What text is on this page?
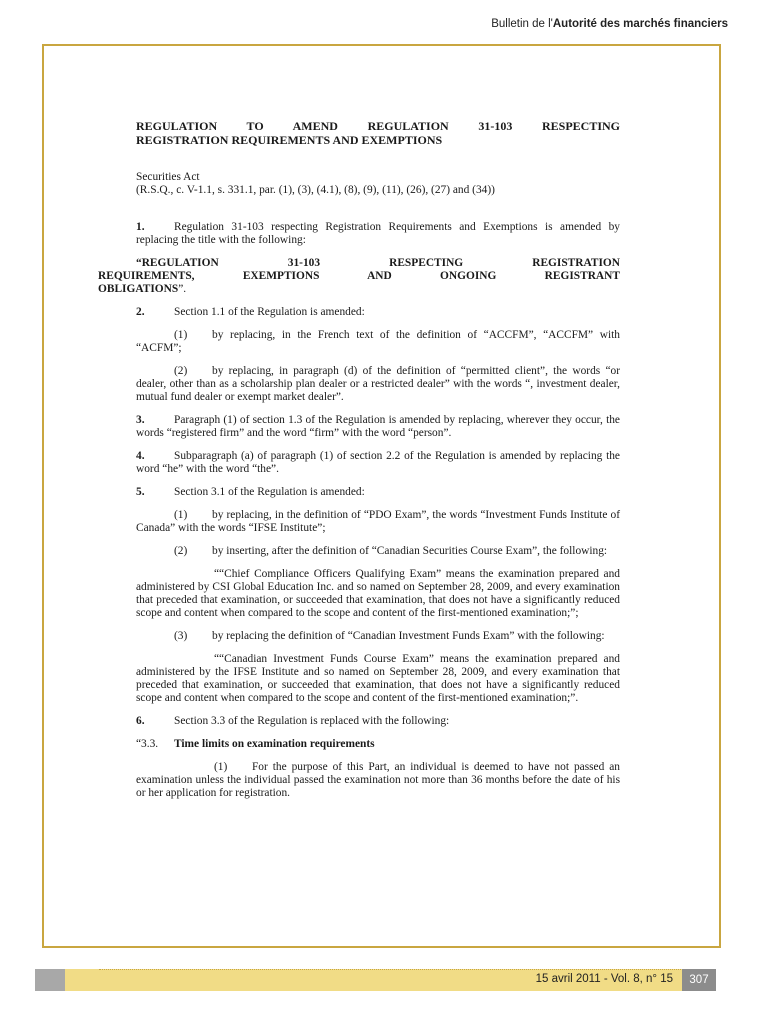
Bulletin de l'Autorité des marchés financiers

REGULATION TO AMEND REGULATION 31-103 RESPECTING
REGISTRATION REQUIREMENTS AND EXEMPTIONS

Securities Act
(R.S.Q., c. V-1.1, s. 331.1, par. (1), (3), (4.1), (8), (9), (11), (26), (27) and (34))

1.	Regulation 31-103 respecting Registration Requirements and Exemptions is amended by replacing the title with the following:

“REGULATION 31-103 RESPECTING REGISTRATION
REQUIREMENTS, EXEMPTIONS AND ONGOING REGISTRANT
OBLIGATIONS”.

2.	Section 1.1 of the Regulation is amended:

(1) by replacing, in the French text of the definition of “ACCFM”, “ACCFM” with “ACFM”;

(2) by replacing, in paragraph (d) of the definition of “permitted client”, the words “or dealer, other than as a scholarship plan dealer or a restricted dealer” with the words “, investment dealer, mutual fund dealer or exempt market dealer”.

3.	Paragraph (1) of section 1.3 of the Regulation is amended by replacing, wherever they occur, the words “registered firm” and the word “firm” with the word “person”.

4.	Subparagraph (a) of paragraph (1) of section 2.2 of the Regulation is amended by replacing the word “he” with the word “the”.

5.	Section 3.1 of the Regulation is amended:

(1) by replacing, in the definition of “PDO Exam”, the words “Investment Funds Institute of Canada” with the words “IFSE Institute”;

(2) by inserting, after the definition of “Canadian Securities Course Exam”, the following:

““Chief Compliance Officers Qualifying Exam” means the examination prepared and administered by CSI Global Education Inc. and so named on September 28, 2009, and every examination that preceded that examination, or succeeded that examination, that does not have a significantly reduced scope and content when compared to the scope and content of the first-mentioned examination;”;

(3) by replacing the definition of “Canadian Investment Funds Exam” with the following:

““Canadian Investment Funds Course Exam” means the examination prepared and administered by the IFSE Institute and so named on September 28, 2009, and every examination that preceded that examination, or succeeded that examination, that does not have a significantly reduced scope and content when compared to the scope and content of the first-mentioned examination;”.

6.	Section 3.3 of the Regulation is replaced with the following:

“3.3. Time limits on examination requirements

(1)     For the purpose of this Part, an individual is deemed to have not passed an examination unless the individual passed the examination not more than 36 months before the date of his or her application for registration.

15 avril 2011 - Vol. 8, n° 15	307
